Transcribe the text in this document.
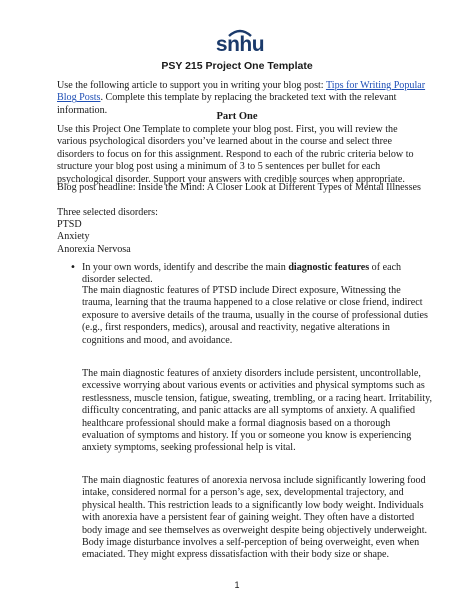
snhu
PSY 215 Project One Template
Use the following article to support you in writing your blog post: Tips for Writing Popular Blog Posts. Complete this template by replacing the bracketed text with the relevant information.
Part One
Use this Project One Template to complete your blog post. First, you will review the various psychological disorders you’ve learned about in the course and select three disorders to focus on for this assignment. Respond to each of the rubric criteria below to structure your blog post using a minimum of 3 to 5 sentences per bullet for each psychological disorder. Support your answers with credible sources when appropriate.
Blog post headline: Inside the Mind: A Closer Look at Different Types of Mental Illnesses
Three selected disorders:
PTSD
Anxiety
Anorexia Nervosa
• In your own words, identify and describe the main diagnostic features of each disorder selected.
The main diagnostic features of PTSD include Direct exposure, Witnessing the trauma, learning that the trauma happened to a close relative or close friend, indirect exposure to aversive details of the trauma, usually in the course of professional duties (e.g., first responders, medics), arousal and reactivity, negative alterations in cognitions and mood, and avoidance.
The main diagnostic features of anxiety disorders include persistent, uncontrollable, excessive worrying about various events or activities and physical symptoms such as restlessness, muscle tension, fatigue, sweating, trembling, or a racing heart. Irritability, difficulty concentrating, and panic attacks are all symptoms of anxiety. A qualified healthcare professional should make a formal diagnosis based on a thorough evaluation of symptoms and history. If you or someone you know is experiencing anxiety symptoms, seeking professional help is vital.
The main diagnostic features of anorexia nervosa include significantly lowering food intake, considered normal for a person’s age, sex, developmental trajectory, and physical health. This restriction leads to a significantly low body weight. Individuals with anorexia have a persistent fear of gaining weight. They often have a distorted body image and see themselves as overweight despite being objectively underweight. Body image disturbance involves a self-perception of being overweight, even when emaciated. They might express dissatisfaction with their body size or shape.
1
